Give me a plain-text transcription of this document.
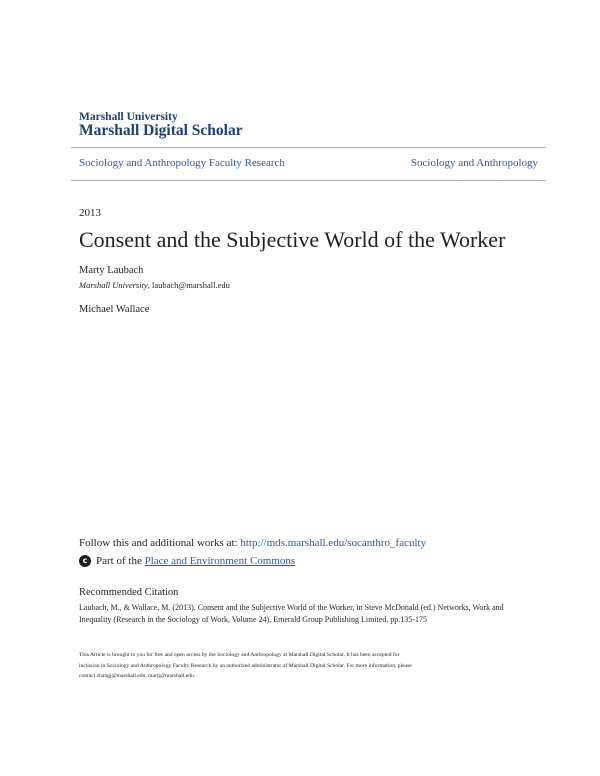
Marshall University
Marshall Digital Scholar
Sociology and Anthropology Faculty Research	Sociology and Anthropology
2013
Consent and the Subjective World of the Worker
Marty Laubach
Marshall University, laubach@marshall.edu
Michael Wallace
Follow this and additional works at: http://mds.marshall.edu/socanthro_faculty
c Part of the
Place and Environment Commons
Recommended Citation
Laubach, M., & Wallace, M. (2013). Consent and the Subjective World of the Worker, in Steve McDonald (ed.) Networks, Work and Inequality (Research in the Sociology of Work, Volume 24), Emerald Group Publishing Limited, pp.135-175
This Article is brought to you for free and open access by the Sociology and Anthropology at Marshall Digital Scholar. It has been accepted for
inclusion in Sociology and Anthropology Faculty Research by an authorized administrator of Marshall Digital Scholar. For more information, please
contact zhangj@marshall.edu, martj@marshall.edu.
